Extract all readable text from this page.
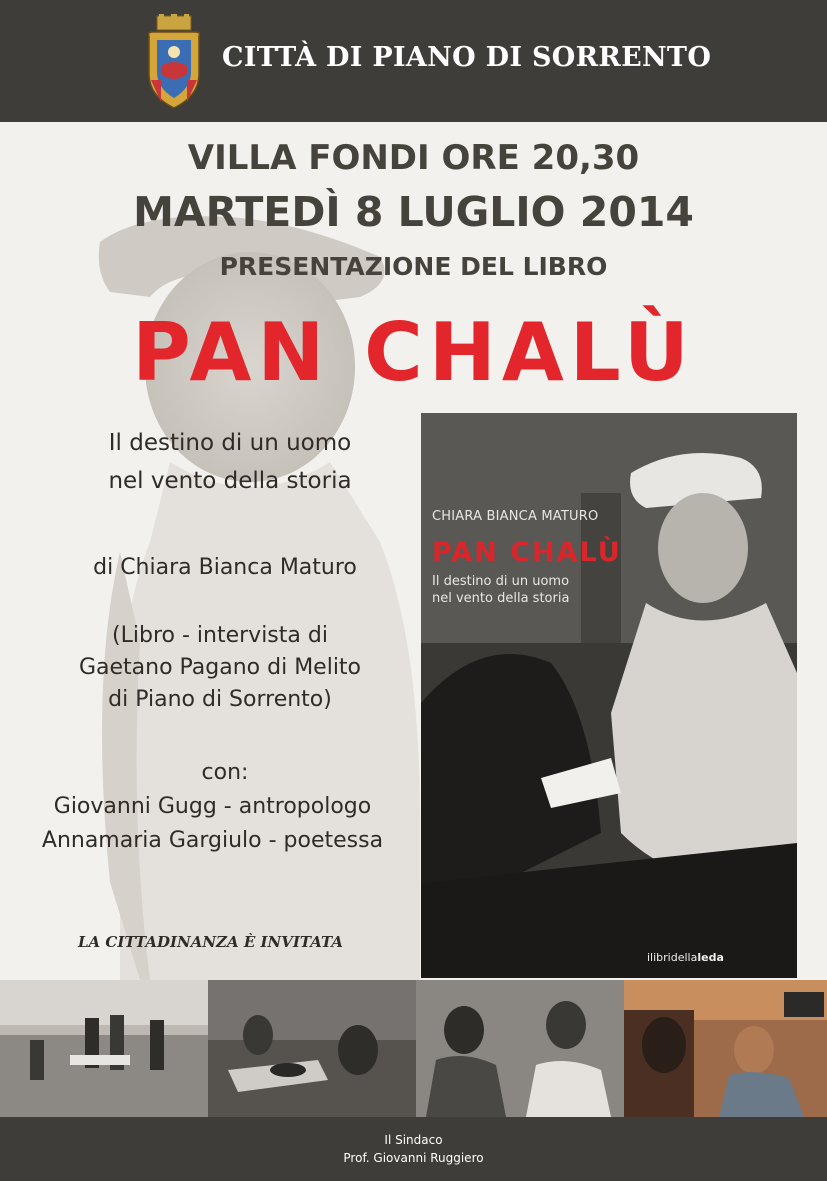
CITTÀ DI PIANO DI SORRENTO
VILLA FONDI ORE 20,30
MARTEDÌ 8 LUGLIO 2014
PRESENTAZIONE DEL LIBRO
PAN CHALÙ
Il destino di un uomo
nel vento della storia
di Chiara Bianca Maturo
(Libro - intervista di
Gaetano Pagano di Melito
di Piano di Sorrento)
con:
Giovanni Gugg - antropologo
Annamaria Gargiulo - poetessa
LA CITTADINANZA È INVITATA
CHIARA BIANCA MATURO
PAN CHALÙ
Il destino di un uomo
nel vento della storia
ilibridellaleda
Il Sindaco
Prof. Giovanni Ruggiero
